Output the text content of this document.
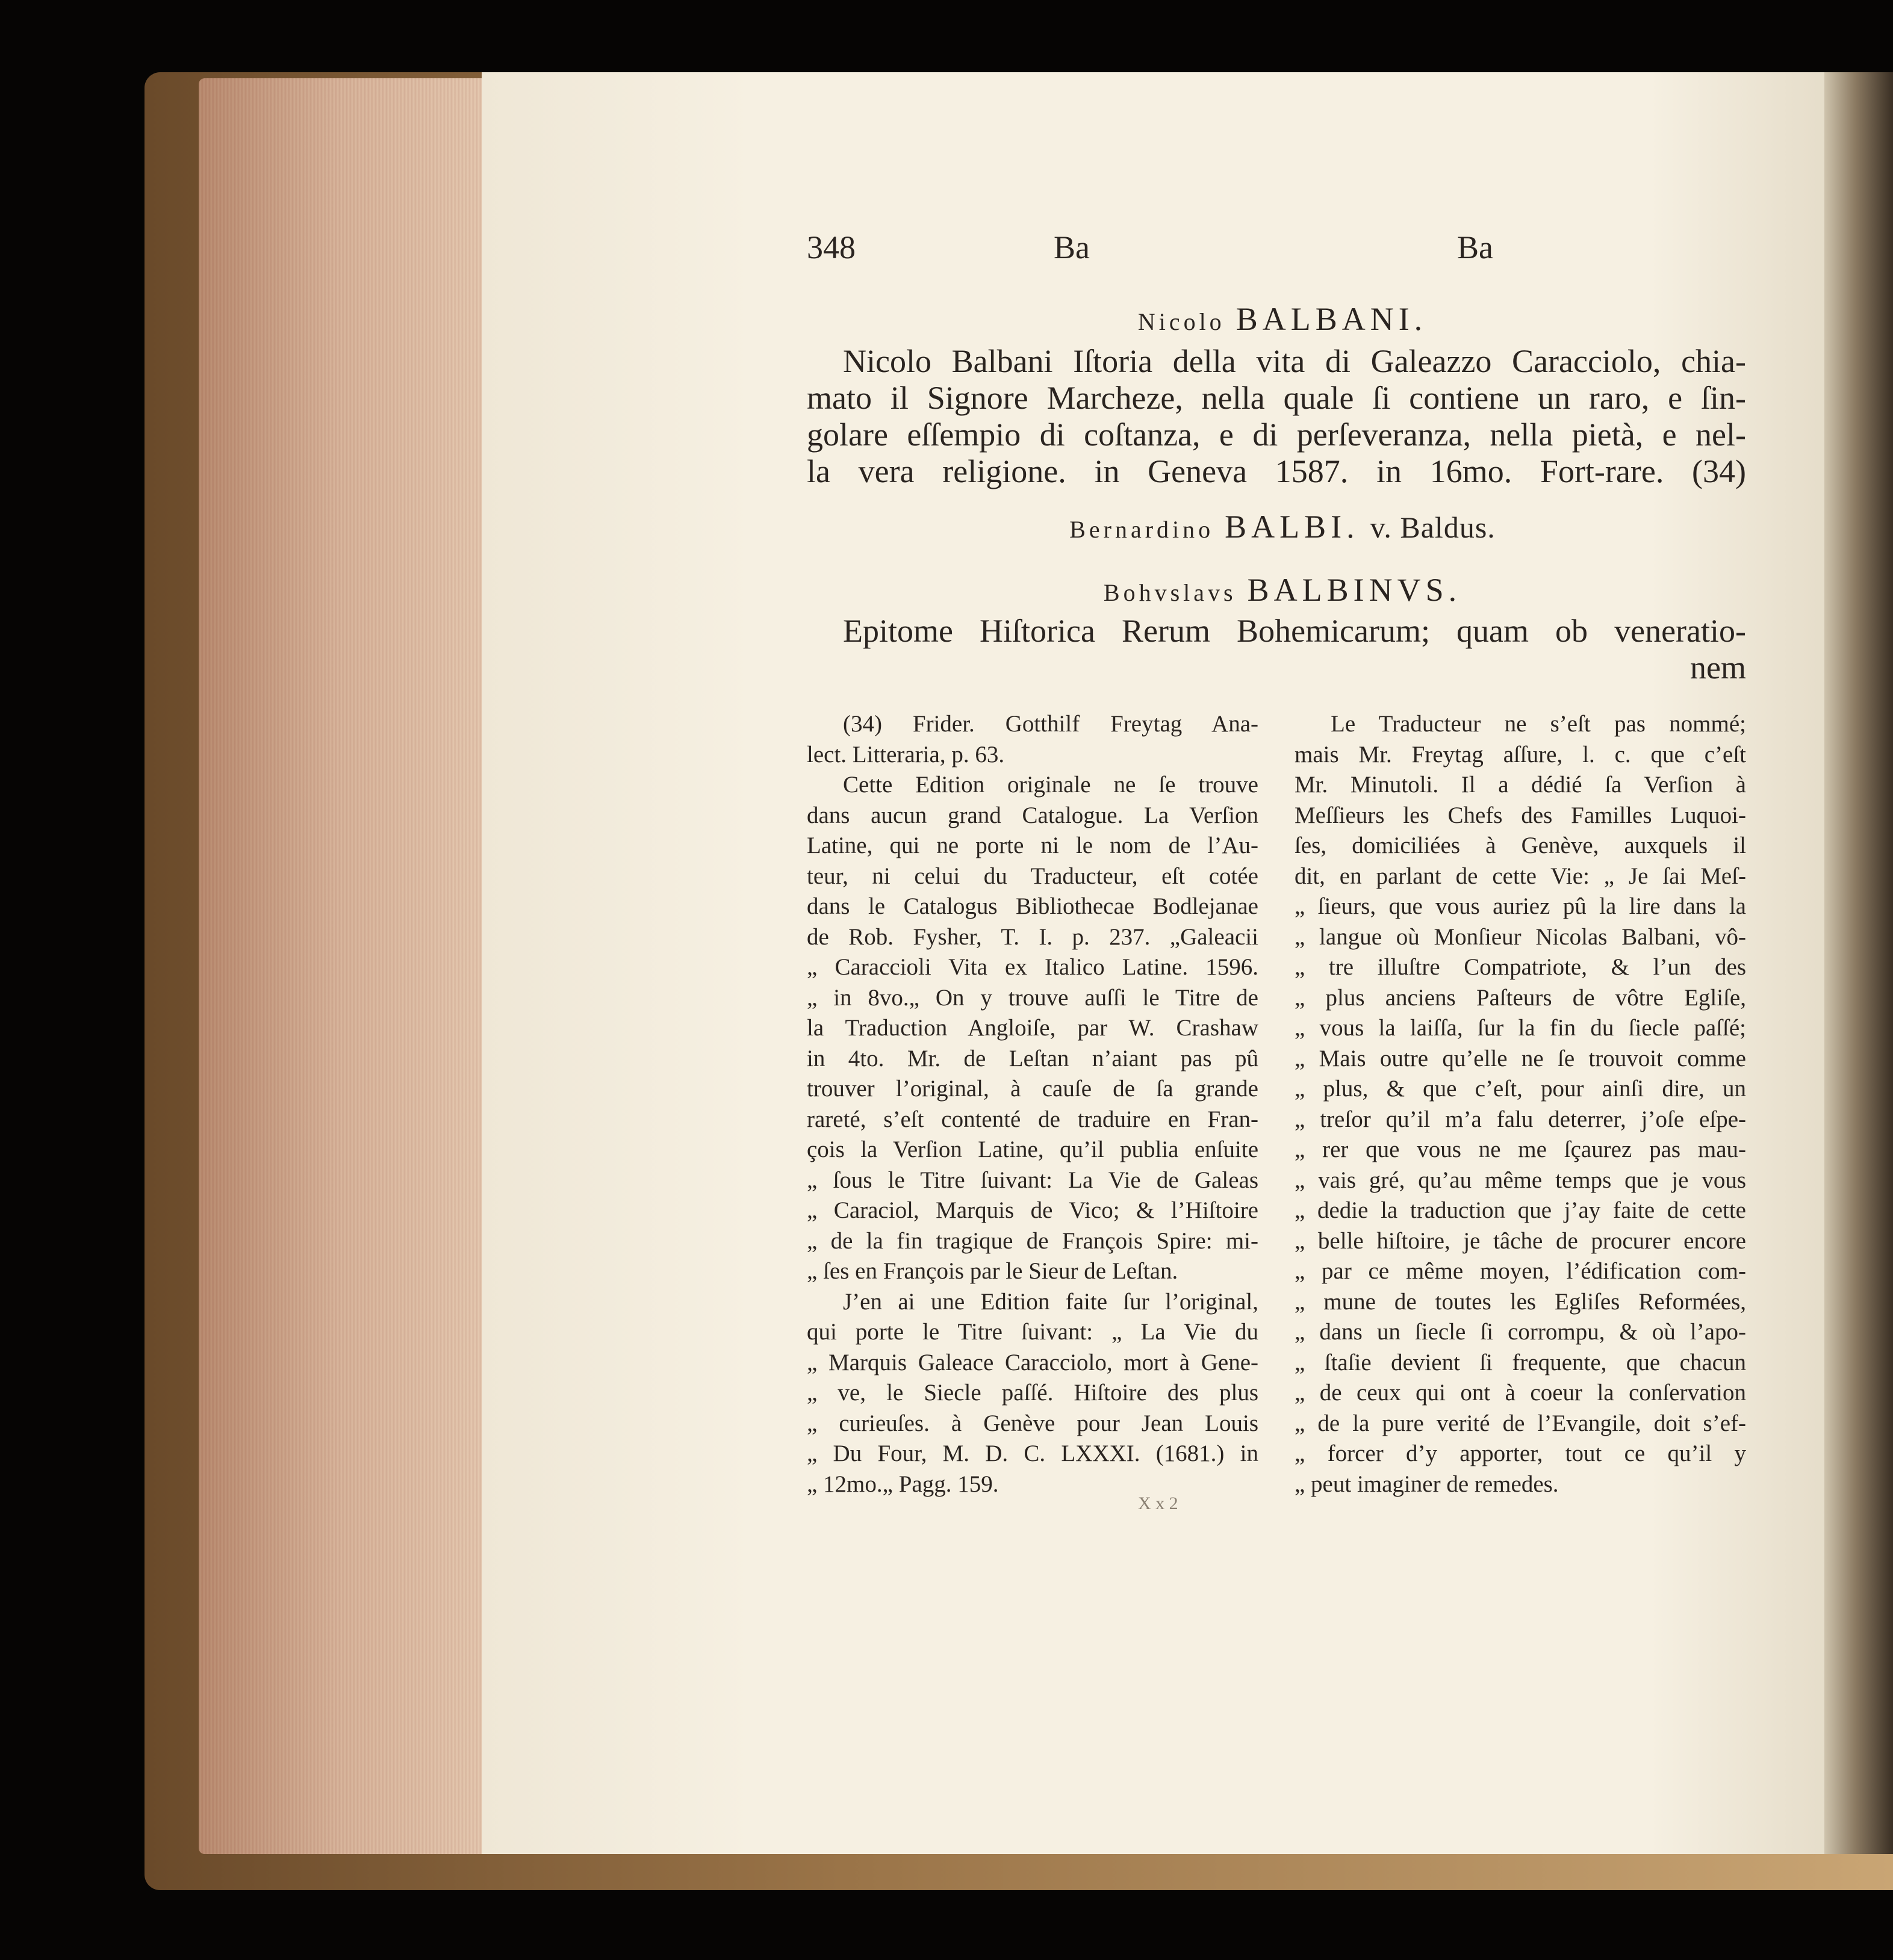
348	Ba	Ba
Nicolo BALBANI.
Nicolo Balbani Iſtoria della vita di Galeazzo Caracciolo, chia-
mato il Signore Marcheze, nella quale ſi contiene un raro, e ſin-
golare eſſempio di coſtanza, e di perſeveranza, nella pietà, e nel-
la vera religione. in Geneva 1587. in 16mo. Fort-rare. (34)
Bernardino BALBI. v. Baldus.
Bohvslavs BALBINVS.
Epitome Hiſtorica Rerum Bohemicarum; quam ob veneratio-
nem

(34) Frider. Gotthilf Freytag Ana-
lect. Litteraria, p. 63.

Cette Edition originale ne ſe trouve
dans aucun grand Catalogue. La Verſion
Latine, qui ne porte ni le nom de l’Au-
teur, ni celui du Traducteur, eſt cotée
dans le Catalogus Bibliothecae Bodlejanae
de Rob. Fysher, T. I. p. 237. „Galeacii
„ Caraccioli Vita ex Italico Latine. 1596.
„ in 8vo.„ On y trouve auſſi le Titre de
la Traduction Angloiſe, par W. Crashaw
in 4to. Mr. de Leſtan n’aiant pas pû
trouver l’original, à cauſe de ſa grande
rareté, s’eſt contenté de traduire en Fran-
çois la Verſion Latine, qu’il publia enſuite
„ ſous le Titre ſuivant: La Vie de Galeas
„ Caraciol, Marquis de Vico; & l’Hiſtoire
„ de la fin tragique de François Spire: mi-
„ ſes en François par le Sieur de Leſtan.

J’en ai une Edition faite ſur l’original,
qui porte le Titre ſuivant: „ La Vie du
„ Marquis Galeace Caracciolo, mort à Gene-
„ ve, le Siecle paſſé. Hiſtoire des plus
„ curieuſes. à Genève pour Jean Louis
„ Du Four, M. D. C. LXXXI. (1681.) in
„ 12mo.„ Pagg. 159.

Le Traducteur ne s’eſt pas nommé;
mais Mr. Freytag aſſure, l. c. que c’eſt
Mr. Minutoli. Il a dédié ſa Verſion à
Meſſieurs les Chefs des Familles Luquoi-
ſes, domiciliées à Genève, auxquels il
dit, en parlant de cette Vie: „ Je ſai Meſ-
„ ſieurs, que vous auriez pû la lire dans la
„ langue où Monſieur Nicolas Balbani, vô-
„ tre illuſtre Compatriote, & l’un des
„ plus anciens Paſteurs de vôtre Egliſe,
„ vous la laiſſa, ſur la fin du ſiecle paſſé;
„ Mais outre qu’elle ne ſe trouvoit comme
„ plus, & que c’eſt, pour ainſi dire, un
„ treſor qu’il m’a falu deterrer, j’oſe eſpe-
„ rer que vous ne me ſçaurez pas mau-
„ vais gré, qu’au même temps que je vous
„ dedie la traduction que j’ay faite de cette
„ belle hiſtoire, je tâche de procurer encore
„ par ce même moyen, l’édification com-
„ mune de toutes les Egliſes Reformées,
„ dans un ſiecle ſi corrompu, & où l’apo-
„ ſtaſie devient ſi frequente, que chacun
„ de ceux qui ont à coeur la conſervation
„ de la pure verité de l’Evangile, doit s’ef-
„ forcer d’y apporter, tout ce qu’il y
„ peut imaginer de remedes.

X x 2
